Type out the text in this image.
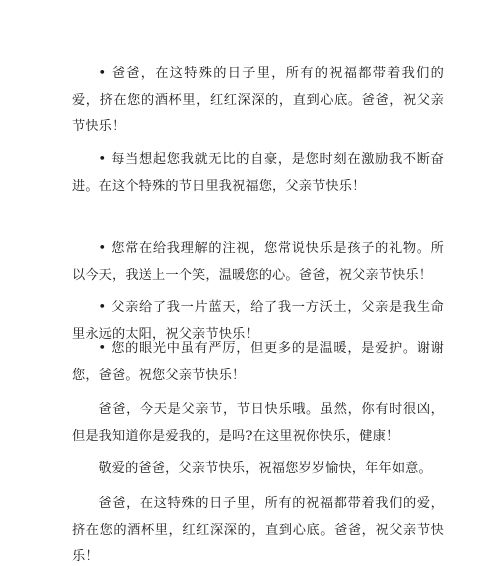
• 爸爸，在这特殊的日子里，所有的祝福都带着我们的爱，挤在您的酒杯里，红红深深的，直到心底。爸爸，祝父亲节快乐！

• 每当想起您我就无比的自豪，是您时刻在激励我不断奋进。在这个特殊的节日里我祝福您，父亲节快乐！

• 您常在给我理解的注视，您常说快乐是孩子的礼物。所以今天，我送上一个笑，温暖您的心。爸爸，祝父亲节快乐！

• 父亲给了我一片蓝天，给了我一方沃土，父亲是我生命里永远的太阳，祝父亲节快乐！

• 您的眼光中虽有严厉，但更多的是温暖，是爱护。谢谢您，爸爸。祝您父亲节快乐！

爸爸，今天是父亲节，节日快乐哦。虽然，你有时很凶，但是我知道你是爱我的，是吗?在这里祝你快乐，健康！

敬爱的爸爸，父亲节快乐，祝福您岁岁愉快，年年如意。

爸爸，在这特殊的日子里，所有的祝福都带着我们的爱，挤在您的酒杯里，红红深深的，直到心底。爸爸，祝父亲节快乐！
